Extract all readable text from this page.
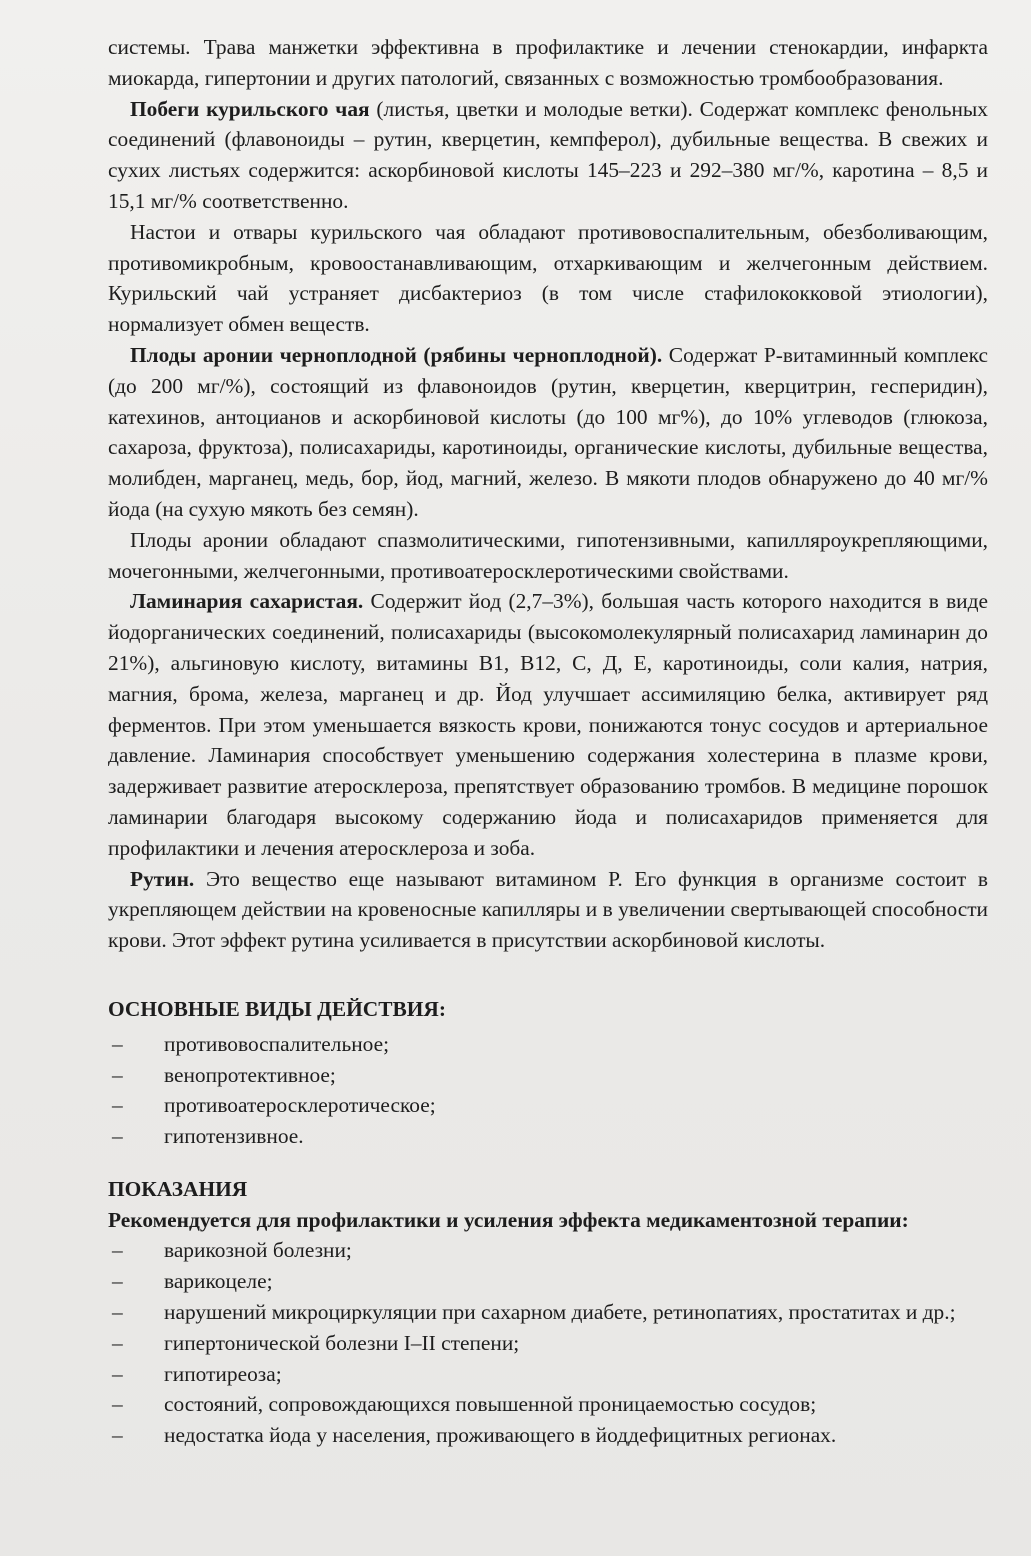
системы. Трава манжетки эффективна в профилактике и лечении стенокардии, инфаркта миокарда, гипертонии и других патологий, связанных с возможностью тромбообразования.

Побеги курильского чая (листья, цветки и молодые ветки). Содержат комплекс фенольных соединений (флавоноиды – рутин, кверцетин, кемпферол), дубильные вещества. В свежих и сухих листьях содержится: аскорбиновой кислоты 145–223 и 292–380 мг/%, каротина – 8,5 и 15,1 мг/% соответственно.

Настои и отвары курильского чая обладают противовоспалительным, обезболивающим, противомикробным, кровоостанавливающим, отхаркивающим и желчегонным действием. Курильский чай устраняет дисбактериоз (в том числе стафилококковой этиологии), нормализует обмен веществ.

Плоды аронии черноплодной (рябины черноплодной). Содержат Р-витаминный комплекс (до 200 мг/%), состоящий из флавоноидов (рутин, кверцетин, кверцитрин, гесперидин), катехинов, антоцианов и аскорбиновой кислоты (до 100 мг%), до 10% углеводов (глюкоза, сахароза, фруктоза), полисахариды, каротиноиды, органические кислоты, дубильные вещества, молибден, марганец, медь, бор, йод, магний, железо. В мякоти плодов обнаружено до 40 мг/% йода (на сухую мякоть без семян).

Плоды аронии обладают спазмолитическими, гипотензивными, капилляроукрепляющими, мочегонными, желчегонными, противоатеросклеротическими свойствами.

Ламинария сахаристая. Содержит йод (2,7–3%), большая часть которого находится в виде йодорганических соединений, полисахариды (высокомолекулярный полисахарид ламинарин до 21%), альгиновую кислоту, витамины В1, В12, С, Д, Е, каротиноиды, соли калия, натрия, магния, брома, железа, марганец и др. Йод улучшает ассимиляцию белка, активирует ряд ферментов. При этом уменьшается вязкость крови, понижаются тонус сосудов и артериальное давление. Ламинария способствует уменьшению содержания холестерина в плазме крови, задерживает развитие атеросклероза, препятствует образованию тромбов. В медицине порошок ламинарии благодаря высокому содержанию йода и полисахаридов применяется для профилактики и лечения атеросклероза и зоба.

Рутин. Это вещество еще называют витамином Р. Его функция в организме состоит в укрепляющем действии на кровеносные капилляры и в увеличении свертывающей способности крови. Этот эффект рутина усиливается в присутствии аскорбиновой кислоты.

ОСНОВНЫЕ ВИДЫ ДЕЙСТВИЯ:

– противовоспалительное;
– венопротективное;
– противоатеросклеротическое;
– гипотензивное.

ПОКАЗАНИЯ

Рекомендуется для профилактики и усиления эффекта медикаментозной терапии:

– варикозной болезни;
– варикоцеле;
– нарушений микроциркуляции при сахарном диабете, ретинопатиях, простатитах и др.;
– гипертонической болезни I–II степени;
– гипотиреоза;
– состояний, сопровождающихся повышенной проницаемостью сосудов;
– недостатка йода у населения, проживающего в йоддефицитных регионах.
